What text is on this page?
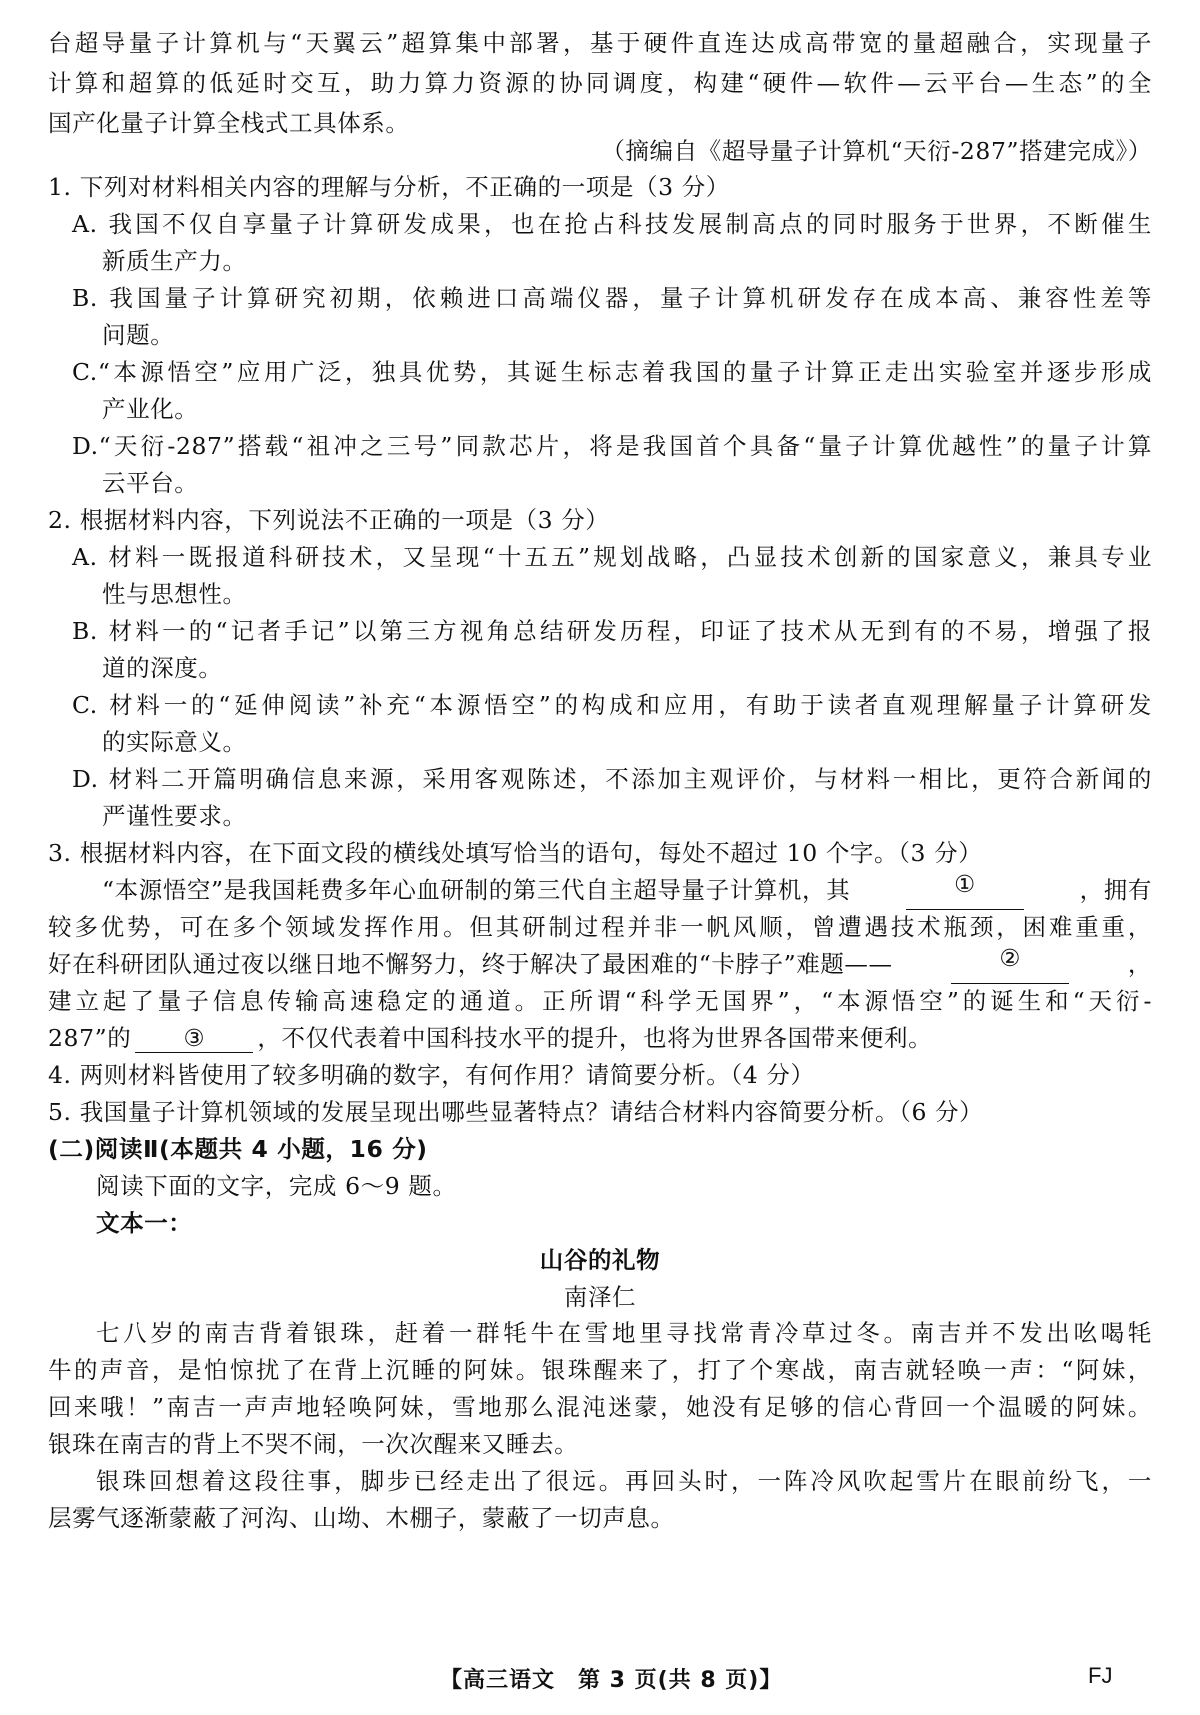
台超导量子计算机与“天翼云”超算集中部署，基于硬件直连达成高带宽的量超融合，实现量子
计算和超算的低延时交互，助力算力资源的协同调度，构建“硬件—软件—云平台—生态”的全
国产化量子计算全栈式工具体系。
（摘编自《超导量子计算机“天衍-287”搭建完成》）
1. 下列对材料相关内容的理解与分析，不正确的一项是（3 分）
A. 我国不仅自享量子计算研发成果，也在抢占科技发展制高点的同时服务于世界，不断催生
新质生产力。
B. 我国量子计算研究初期，依赖进口高端仪器，量子计算机研发存在成本高、兼容性差等
问题。
C.“本源悟空”应用广泛，独具优势，其诞生标志着我国的量子计算正走出实验室并逐步形成
产业化。
D.“天衍-287”搭载“祖冲之三号”同款芯片，将是我国首个具备“量子计算优越性”的量子计算
云平台。
2. 根据材料内容，下列说法不正确的一项是（3 分）
A. 材料一既报道科研技术，又呈现“十五五”规划战略，凸显技术创新的国家意义，兼具专业
性与思想性。
B. 材料一的“记者手记”以第三方视角总结研发历程，印证了技术从无到有的不易，增强了报
道的深度。
C. 材料一的“延伸阅读”补充“本源悟空”的构成和应用，有助于读者直观理解量子计算研发
的实际意义。
D. 材料二开篇明确信息来源，采用客观陈述，不添加主观评价，与材料一相比，更符合新闻的
严谨性要求。
3. 根据材料内容，在下面文段的横线处填写恰当的语句，每处不超过 10 个字。（3 分）
“本源悟空”是我国耗费多年心血研制的第三代自主超导量子计算机，其	①	，拥有
较多优势，可在多个领域发挥作用。但其研制过程并非一帆风顺，曾遭遇技术瓶颈，困难重重，
好在科研团队通过夜以继日地不懈努力，终于解决了最困难的“卡脖子”难题——	②	，
建立起了量子信息传输高速稳定的通道。正所谓“科学无国界”，“本源悟空”的诞生和“天衍-
287”的 ③ ，不仅代表着中国科技水平的提升，也将为世界各国带来便利。
4. 两则材料皆使用了较多明确的数字，有何作用？请简要分析。（4 分）
5. 我国量子计算机领域的发展呈现出哪些显著特点？请结合材料内容简要分析。（6 分）
(二)阅读Ⅱ(本题共 4 小题，16 分)
阅读下面的文字，完成 6～9 题。
文本一：
山谷的礼物
南泽仁
七八岁的南吉背着银珠，赶着一群牦牛在雪地里寻找常青冷草过冬。南吉并不发出吆喝牦
牛的声音，是怕惊扰了在背上沉睡的阿妹。银珠醒来了，打了个寒战，南吉就轻唤一声：“阿妹，
回来哦！”南吉一声声地轻唤阿妹，雪地那么混沌迷蒙，她没有足够的信心背回一个温暖的阿妹。
银珠在南吉的背上不哭不闹，一次次醒来又睡去。
银珠回想着这段往事，脚步已经走出了很远。再回头时，一阵冷风吹起雪片在眼前纷飞，一
层雾气逐渐蒙蔽了河沟、山坳、木棚子，蒙蔽了一切声息。
【高三语文　第 3 页(共 8 页)】	FJ
